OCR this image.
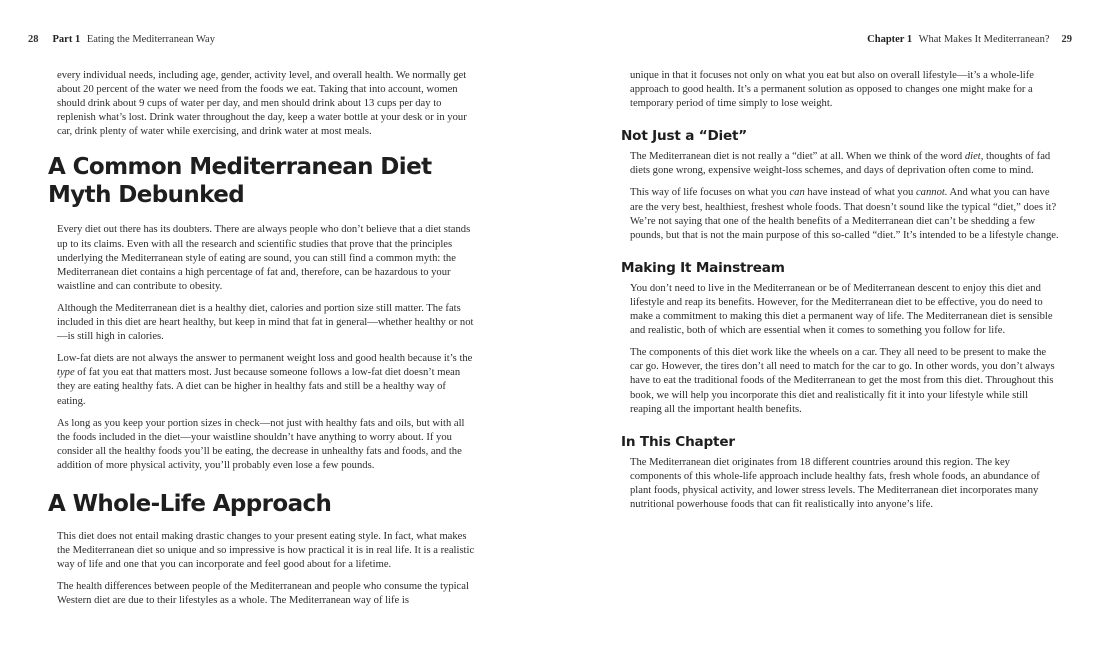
28 Part 1 Eating the Mediterranean Way

every individual needs, including age, gender, activity level, and overall health. We normally get about 20 percent of the water we need from the foods we eat. Taking that into account, women should drink about 9 cups of water per day, and men should drink about 13 cups per day to replenish what’s lost. Drink water throughout the day, keep a water bottle at your desk or in your car, drink plenty of water while exercising, and drink water at most meals.

A Common Mediterranean Diet
Myth Debunked

Every diet out there has its doubters. There are always people who don’t believe that a diet stands up to its claims. Even with all the research and scientific studies that prove that the principles underlying the Mediterranean style of eating are sound, you can still find a common myth: the Mediterranean diet contains a high percentage of fat and, therefore, can be hazardous to your waistline and can contribute to obesity.

Although the Mediterranean diet is a healthy diet, calories and portion size still matter. The fats included in this diet are heart healthy, but keep in mind that fat in general—whether healthy or not—is still high in calories.

Low-fat diets are not always the answer to permanent weight loss and good health because it’s the type of fat you eat that matters most. Just because someone follows a low-fat diet doesn’t mean they are eating healthy fats. A diet can be higher in healthy fats and still be a healthy way of eating.

As long as you keep your portion sizes in check—not just with healthy fats and oils, but with all the foods included in the diet—your waistline shouldn’t have anything to worry about. If you consider all the healthy foods you’ll be eating, the decrease in unhealthy fats and foods, and the addition of more physical activity, you’ll probably even lose a few pounds.

A Whole-Life Approach

This diet does not entail making drastic changes to your present eating style. In fact, what makes the Mediterranean diet so unique and so impressive is how practical it is in real life. It is a realistic way of life and one that you can incorporate and feel good about for a lifetime.

The health differences between people of the Mediterranean and people who consume the typical Western diet are due to their lifestyles as a whole. The Mediterranean way of life is

Chapter 1 What Makes It Mediterranean? 29

unique in that it focuses not only on what you eat but also on overall lifestyle—it’s a whole-life approach to good health. It’s a permanent solution as opposed to changes one might make for a temporary period of time simply to lose weight.

Not Just a “Diet”

The Mediterranean diet is not really a “diet” at all. When we think of the word diet, thoughts of fad diets gone wrong, expensive weight-loss schemes, and days of deprivation often come to mind.

This way of life focuses on what you can have instead of what you cannot. And what you can have are the very best, healthiest, freshest whole foods. That doesn’t sound like the typical “diet,” does it? We’re not saying that one of the health benefits of a Mediterranean diet can’t be shedding a few pounds, but that is not the main purpose of this so-called “diet.” It’s intended to be a lifestyle change.

Making It Mainstream

You don’t need to live in the Mediterranean or be of Mediterranean descent to enjoy this diet and lifestyle and reap its benefits. However, for the Mediterranean diet to be effective, you do need to make a commitment to making this diet a permanent way of life. The Mediterranean diet is sensible and realistic, both of which are essential when it comes to something you follow for life.

The components of this diet work like the wheels on a car. They all need to be present to make the car go. However, the tires don’t all need to match for the car to go. In other words, you don’t always have to eat the traditional foods of the Mediterranean to get the most from this diet. Throughout this book, we will help you incorporate this diet and realistically fit it into your lifestyle while still reaping all the important health benefits.

In This Chapter

The Mediterranean diet originates from 18 different countries around this region. The key components of this whole-life approach include healthy fats, fresh whole foods, an abundance of plant foods, physical activity, and lower stress levels. The Mediterranean diet incorporates many nutritional powerhouse foods that can fit realistically into anyone’s life.
